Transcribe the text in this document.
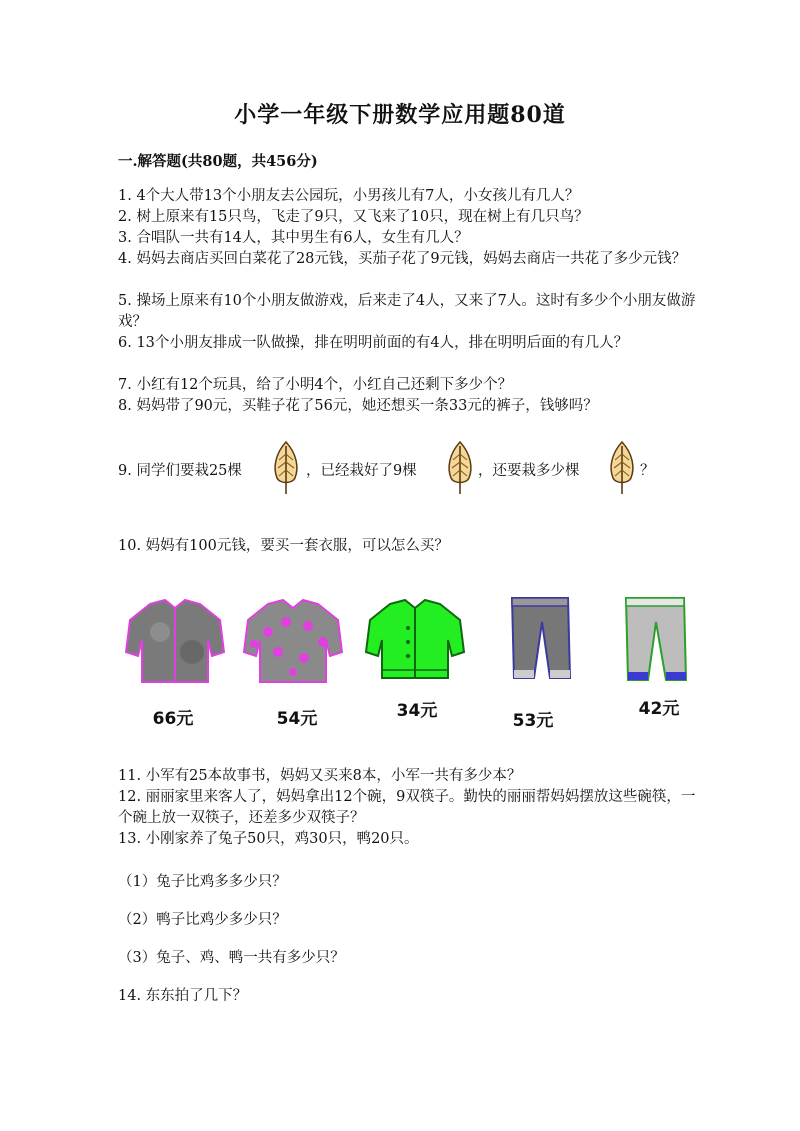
小学一年级下册数学应用题80道
一.解答题(共80题，共456分)
1. 4个大人带13个小朋友去公园玩，小男孩儿有7人，小女孩儿有几人？
2. 树上原来有15只鸟，飞走了9只，又飞来了10只，现在树上有几只鸟？
3. 合唱队一共有14人，其中男生有6人，女生有几人？
4. 妈妈去商店买回白菜花了28元钱，买茄子花了9元钱，妈妈去商店一共花了多少元钱？
5. 操场上原来有10个小朋友做游戏，后来走了4人，又来了7人。这时有多少个小朋友做游戏？
6. 13个小朋友排成一队做操，排在明明前面的有4人，排在明明后面的有几人？
7. 小红有12个玩具，给了小明4个，小红自己还剩下多少个？
8. 妈妈带了90元，买鞋子花了56元，她还想买一条33元的裤子，钱够吗？
9. 同学们要栽25棵	，已经栽好了9棵	，还要栽多少棵	？
10. 妈妈有100元钱，要买一套衣服，可以怎么买？
66元	54元	34元	53元
42元
11. 小军有25本故事书，妈妈又买来8本，小军一共有多少本？
12. 丽丽家里来客人了，妈妈拿出12个碗，9双筷子。勤快的丽丽帮妈妈摆放这些碗筷，一个碗上放一双筷子，还差多少双筷子？
13. 小刚家养了兔子50只，鸡30只，鸭20只。
（1）兔子比鸡多多少只？
（2）鸭子比鸡少多少只？
（3）兔子、鸡、鸭一共有多少只？
14. 东东拍了几下？
